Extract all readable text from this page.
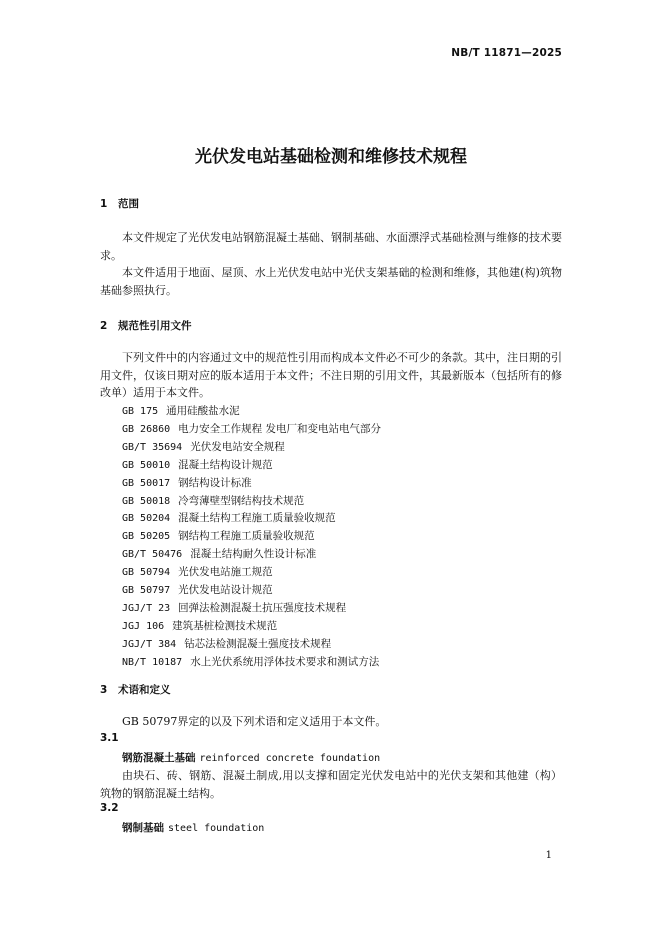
NB/T 11871—2025
光伏发电站基础检测和维修技术规程
1 范围

本文件规定了光伏发电站钢筋混凝土基础、钢制基础、水面漂浮式基础检测与维修的技术要求。

本文件适用于地面、屋顶、水上光伏发电站中光伏支架基础的检测和维修，其他建(构)筑物基础参照执行。

2 规范性引用文件

下列文件中的内容通过文中的规范性引用而构成本文件必不可少的条款。其中，注日期的引用文件，仅该日期对应的版本适用于本文件；不注日期的引用文件，其最新版本（包括所有的修改单）适用于本文件。

GB 175 通用硅酸盐水泥
GB 26860 电力安全工作规程 发电厂和变电站电气部分
GB/T 35694 光伏发电站安全规程
GB 50010 混凝土结构设计规范
GB 50017 钢结构设计标准
GB 50018 冷弯薄壁型钢结构技术规范
GB 50204 混凝土结构工程施工质量验收规范
GB 50205 钢结构工程施工质量验收规范
GB/T 50476 混凝土结构耐久性设计标准
GB 50794 光伏发电站施工规范
GB 50797 光伏发电站设计规范
JGJ/T 23 回弹法检测混凝土抗压强度技术规程
JGJ 106 建筑基桩检测技术规范
JGJ/T 384 钻芯法检测混凝土强度技术规程
NB/T 10187 水上光伏系统用浮体技术要求和测试方法
3 术语和定义

GB 50797界定的以及下列术语和定义适用于本文件。

3.1
钢筋混凝土基础 reinforced concrete foundation

由块石、砖、钢筋、混凝土制成,用以支撑和固定光伏发电站中的光伏支架和其他建（构）筑物的钢筋混凝土结构。

3.2
钢制基础 steel foundation
1
